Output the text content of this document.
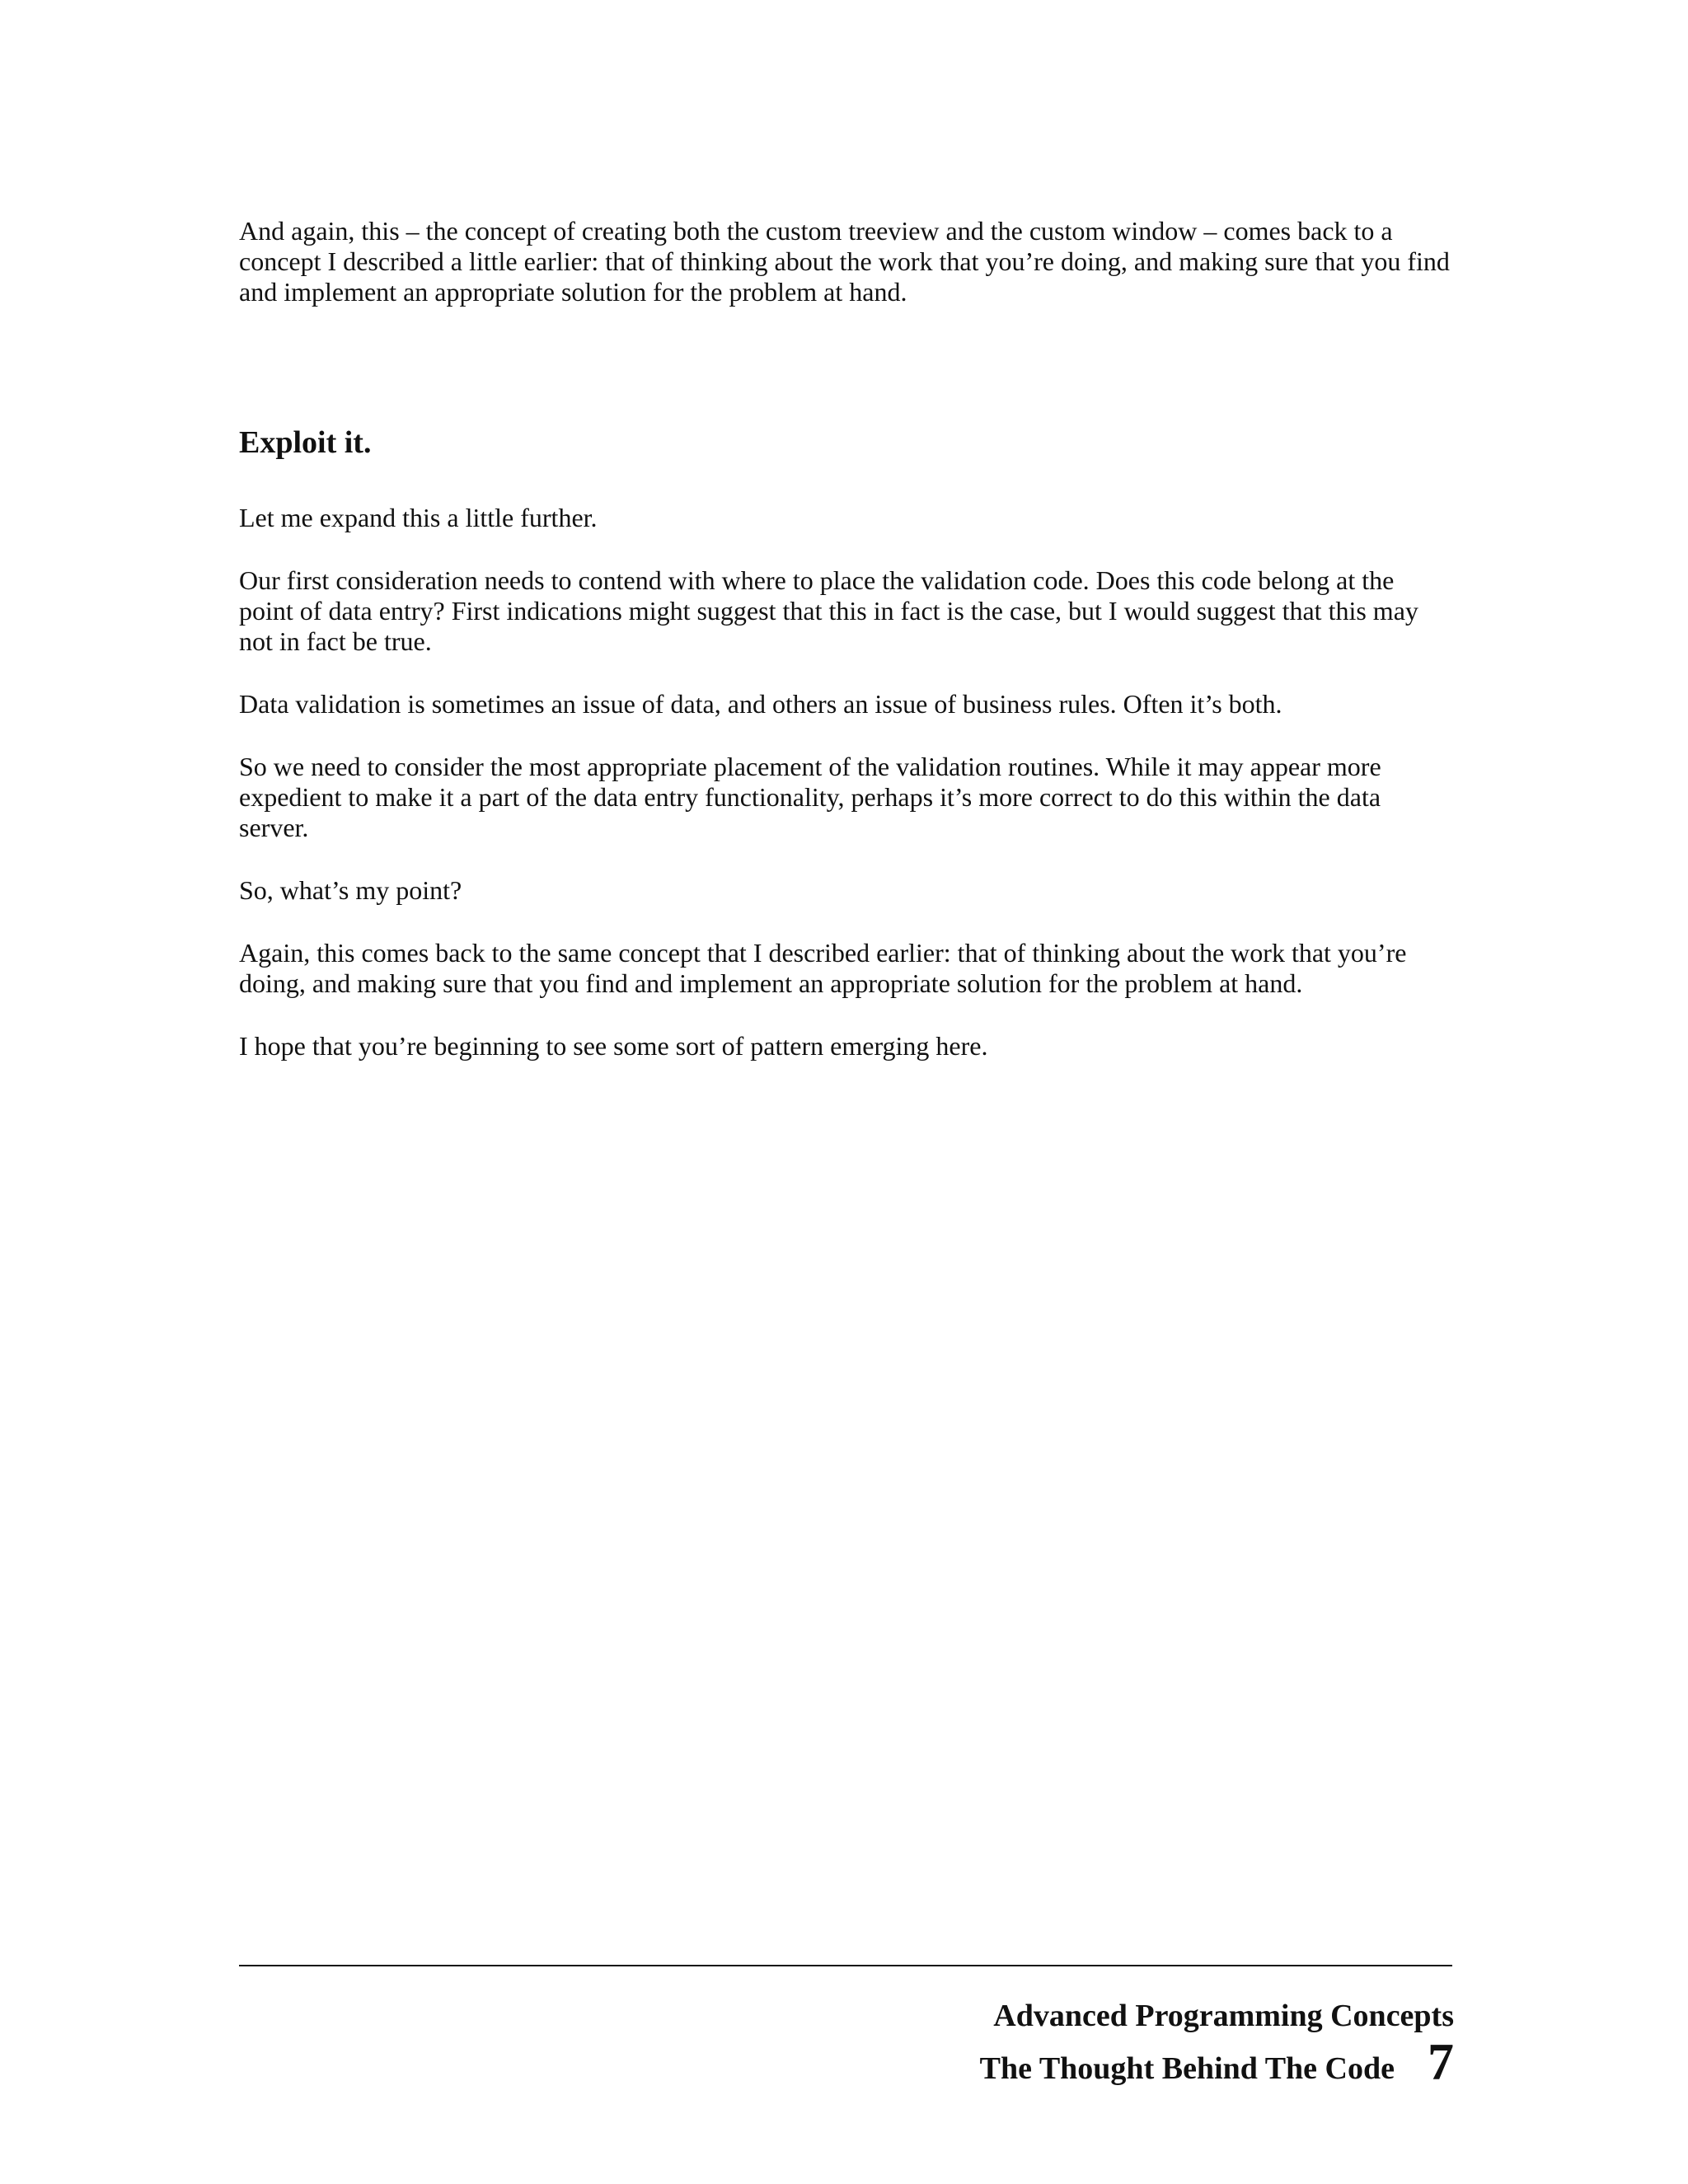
And again, this – the concept of creating both the custom treeview and the custom window – comes back to a concept I described a little earlier: that of thinking about the work that you’re doing, and making sure that you find and implement an appropriate solution for the problem at hand.

Exploit it.

Let me expand this a little further.

Our first consideration needs to contend with where to place the validation code. Does this code belong at the point of data entry? First indications might suggest that this in fact is the case, but I would suggest that this may not in fact be true.

Data validation is sometimes an issue of data, and others an issue of business rules. Often it’s both.

So we need to consider the most appropriate placement of the validation routines. While it may appear more expedient to make it a part of the data entry functionality, perhaps it’s more correct to do this within the data server.

So, what’s my point?

Again, this comes back to the same concept that I described earlier: that of thinking about the work that you’re doing, and making sure that you find and implement an appropriate solution for the problem at hand.

I hope that you’re beginning to see some sort of pattern emerging here.

Advanced Programming Concepts
The Thought Behind The Code 7
